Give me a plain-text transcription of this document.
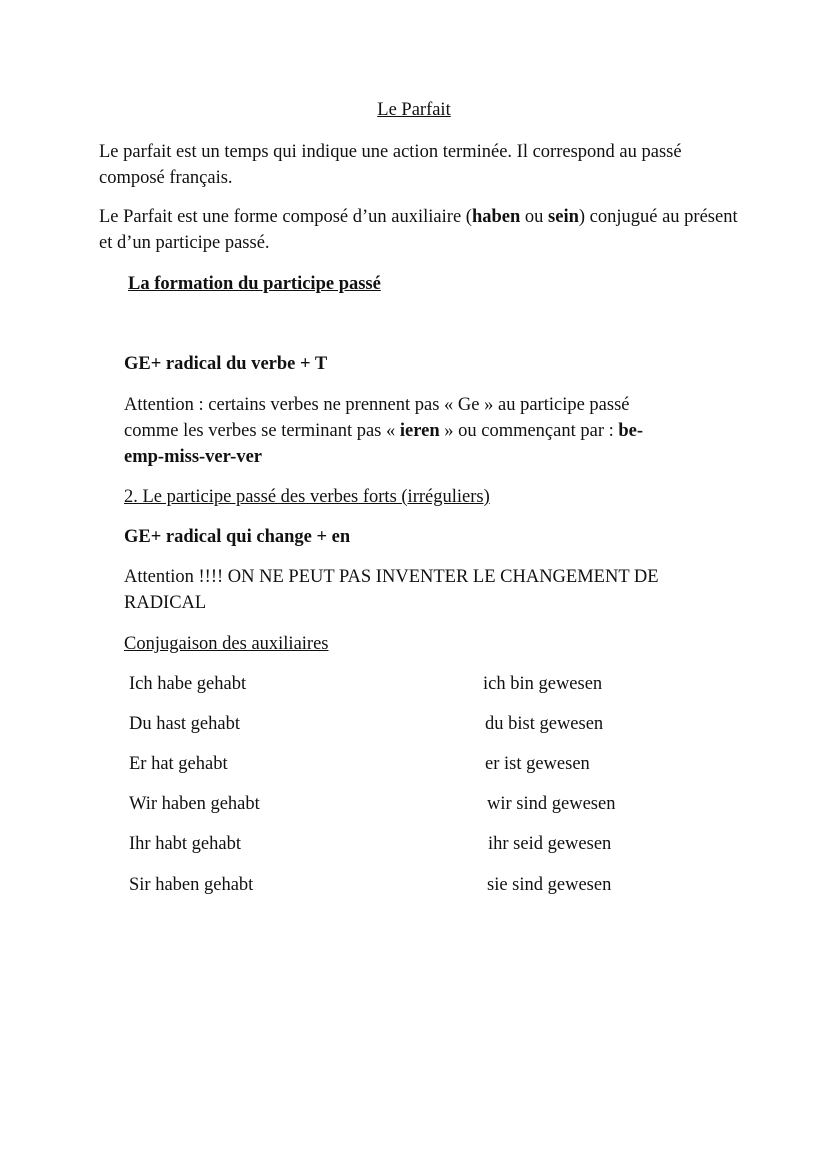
Le Parfait

Le parfait est un temps qui indique une action terminée. Il correspond au passé composé français.

Le Parfait est une forme composé d’un auxiliaire (haben ou sein) conjugué au présent et d’un participe passé.

La formation du participe passé

GE+ radical du verbe + T

Attention : certains verbes ne prennent pas « Ge » au participe passé

comme les verbes se terminant pas « ieren » ou commençant par : be-

emp-miss-ver-ver

2. Le participe passé des verbes forts (irréguliers)

GE+ radical qui change + en

Attention !!!! ON NE PEUT PAS INVENTER LE CHANGEMENT DE

RADICAL

Conjugaison des auxiliaires

Ich habe gehabt

Du hast gehabt

Er hat gehabt

Wir haben gehabt

Ihr habt gehabt

Sir haben gehabt

ich bin gewesen

du bist gewesen

er ist gewesen

wir sind gewesen

ihr seid gewesen

sie sind gewesen
